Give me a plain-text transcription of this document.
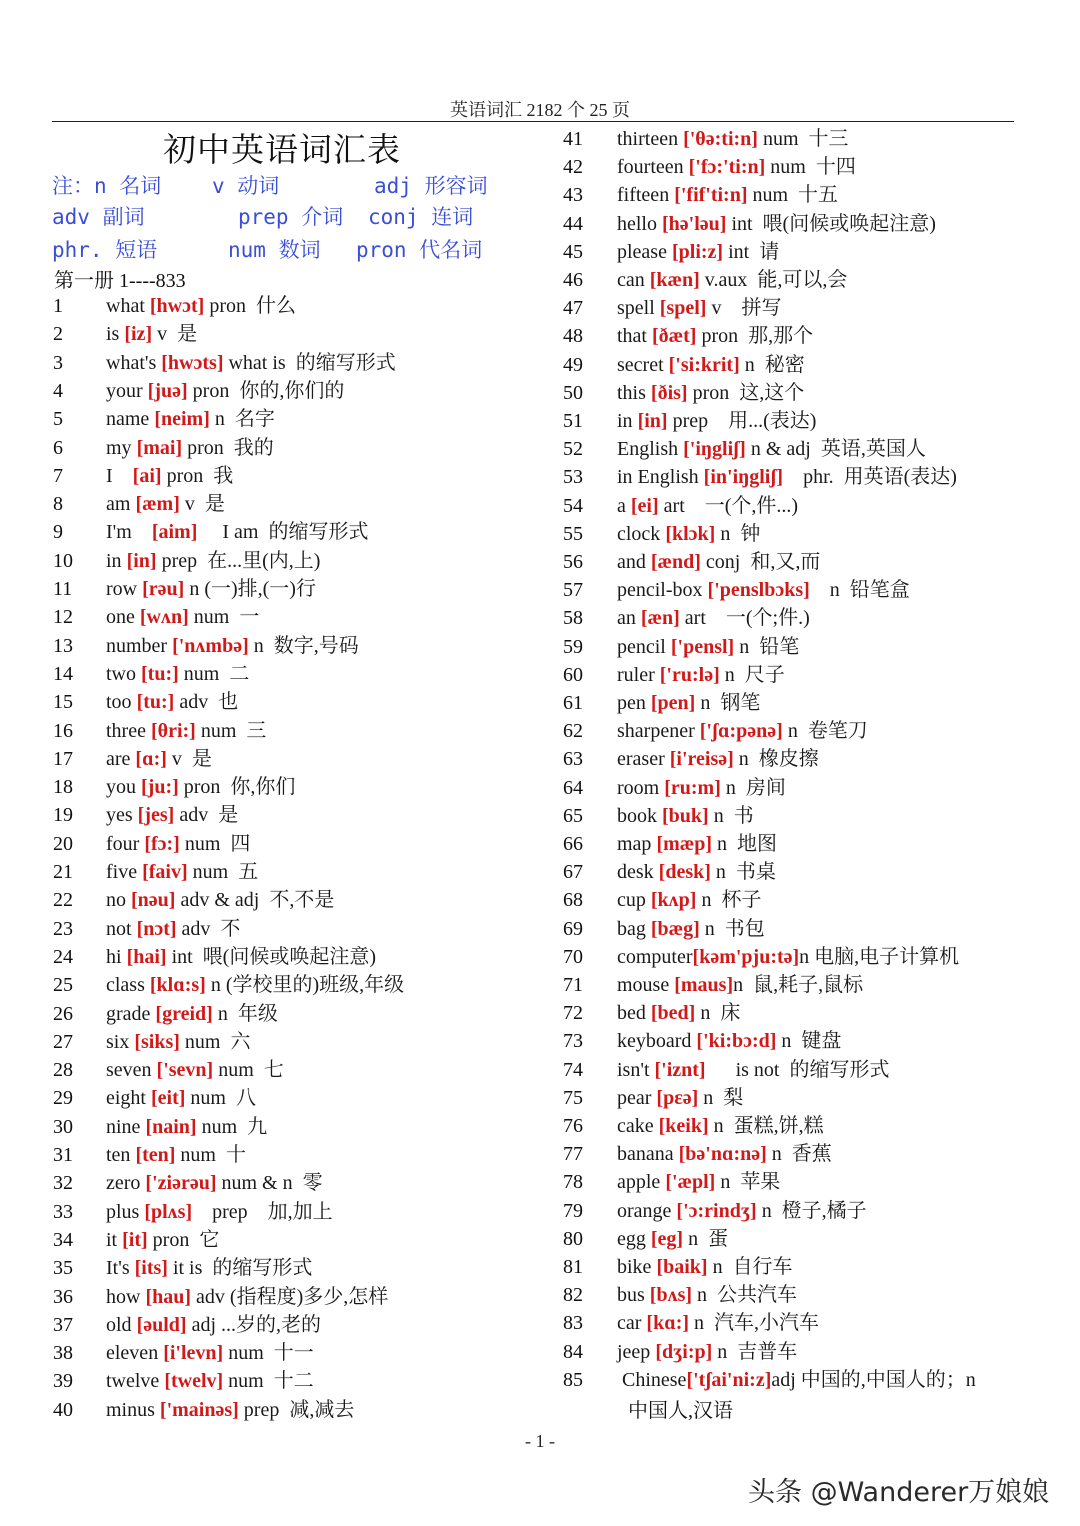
英语词汇 2182 个 25 页
初中英语词汇表
注：n 名词 v 动词	adj 形容词
adv 副词	prep 介词 conj 连词
phr. 短语	num 数词 pron 代名词
第一册 1----833
1 what [hwɔt] pron  什么
2 is [iz] v  是
3 what's [hwɔts] what is  的缩写形式
4 your [juə] pron  你的,你们的
5 name [neim] n  名字
6 my [mai] pron  我的
7 I    [ai] pron  我
8 am [æm] v  是
9 I'm    [aim]     I am  的缩写形式
10 in [in] prep  在...里(内,上)
11 row [rəu] n (一)排,(一)行
12 one [wʌn] num  一
13 number ['nʌmbə] n  数字,号码
14 two [tu:] num  二
15 too [tu:] adv  也
16 three [θri:] num  三
17 are [ɑ:] v  是
18 you [ju:] pron  你,你们
19 yes [jes] adv  是
20 four [fɔ:] num  四
21 five [faiv] num  五
22 no [nəu] adv & adj  不,不是
23 not [nɔt] adv  不
24 hi [hai] int  喂(问候或唤起注意)
25 class [klɑ:s] n (学校里的)班级,年级
26 grade [greid] n  年级
27 six [siks] num  六
28 seven ['sevn] num  七
29 eight [eit] num  八
30 nine [nain] num  九
31 ten [ten] num  十
32 zero ['ziərəu] num & n  零
33 plus [plʌs]    prep    加,加上
34 it [it] pron  它
35 It's [its] it is  的缩写形式
36 how [hau] adv (指程度)多少,怎样
37 old [əuld] adj ...岁的,老的
38 eleven [i'levn] num  十一
39 twelve [twelv] num  十二
40 minus ['mainəs] prep  减,减去
41 thirteen ['θə:ti:n] num  十三
42 fourteen ['fɔ:'ti:n] num  十四
43 fifteen ['fif'ti:n] num  十五
44 hello [hə'ləu] int  喂(问候或唤起注意)
45 please [pli:z] int  请
46 can [kæn] v.aux  能,可以,会
47 spell [spel] v    拼写
48 that [ðæt] pron  那,那个
49 secret ['si:krit] n  秘密
50 this [ðis] pron  这,这个
51 in [in] prep    用...(表达)
52 English ['iŋgliʃ] n & adj  英语,英国人
53 in English [in'iŋgliʃ]    phr.  用英语(表达)
54 a [ei] art    一(个,件...)
55 clock [klɔk] n  钟
56 and [ænd] conj  和,又,而
57 pencil-box ['penslbɔks]    n  铅笔盒
58 an [æn] art    一(个;件.)
59 pencil ['pensl] n  铅笔
60 ruler ['ru:lə] n  尺子
61 pen [pen] n  钢笔
62 sharpener ['ʃɑ:pənə] n  卷笔刀
63 eraser [i'reisə] n  橡皮擦
64 room [ru:m] n  房间
65 book [buk] n  书
66 map [mæp] n  地图
67 desk [desk] n  书桌
68 cup [kʌp] n  杯子
69 bag [bæg] n  书包
70 computer[kəm'pju:tə]n 电脑,电子计算机
71 mouse [maus]n  鼠,耗子,鼠标
72 bed [bed] n  床
73 keyboard ['ki:bɔ:d] n  键盘
74 isn't ['iznt]      is not  的缩写形式
75 pear [pεə] n  梨
76 cake [keik] n  蛋糕,饼,糕
77 banana [bə'nɑ:nə] n  香蕉
78 apple ['æpl] n  苹果
79 orange ['ɔ:rindʒ] n  橙子,橘子
80 egg [eg] n  蛋
81 bike [baik] n  自行车
82 bus [bʌs] n  公共汽车
83 car [kɑ:] n  汽车,小汽车
84 jeep [dʒi:p] n  吉普车
85 Chinese['tʃai'ni:z]adj 中国的,中国人的；n
中国人,汉语
- 1 -
头条 @Wanderer万娘娘
